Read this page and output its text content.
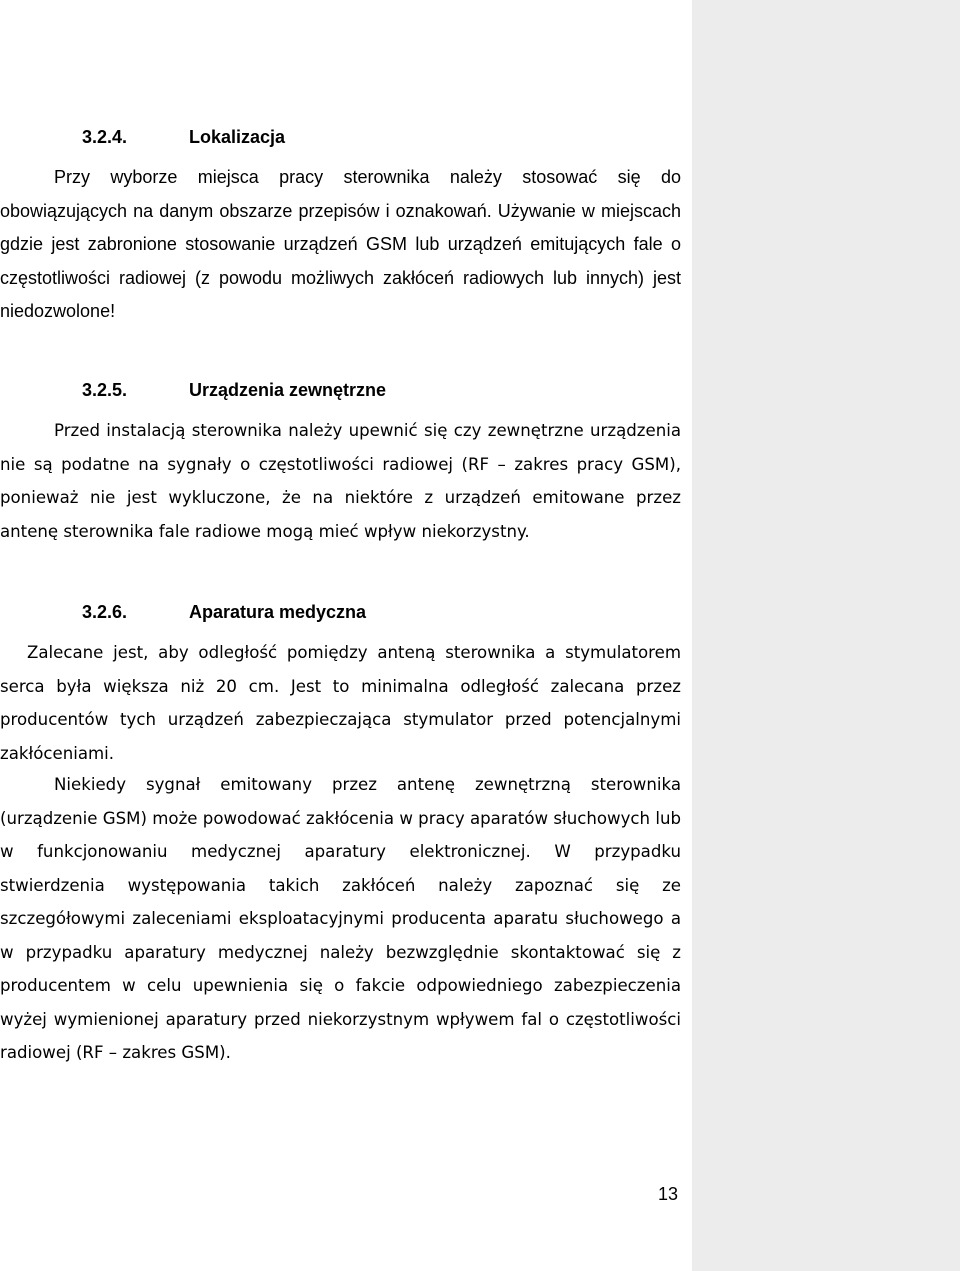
3.2.4.	Lokalizacja

Przy wyborze miejsca pracy sterownika należy stosować się do obowiązujących na danym obszarze przepisów i oznakowań. Używanie w miejscach gdzie jest zabronione stosowanie urządzeń GSM lub urządzeń emitujących fale o częstotliwości radiowej (z powodu możliwych zakłóceń radiowych lub innych) jest niedozwolone!

3.2.5.	Urządzenia zewnętrzne

Przed instalacją sterownika należy upewnić się czy zewnętrzne urządzenia nie są podatne na sygnały o częstotliwości radiowej (RF – zakres pracy GSM), ponieważ nie jest wykluczone, że na niektóre z urządzeń emitowane przez antenę sterownika fale radiowe mogą mieć wpływ niekorzystny.

3.2.6.	Aparatura medyczna

Zalecane jest, aby odległość pomiędzy anteną sterownika a stymulatorem serca była większa niż 20 cm. Jest to minimalna odległość zalecana przez producentów tych urządzeń zabezpieczająca stymulator przed potencjalnymi zakłóceniami.

Niekiedy sygnał emitowany przez antenę zewnętrzną sterownika (urządzenie GSM) może powodować zakłócenia w pracy aparatów słuchowych lub w funkcjonowaniu medycznej aparatury elektronicznej. W przypadku stwierdzenia występowania takich zakłóceń należy zapoznać się ze szczegółowymi zaleceniami eksploatacyjnymi producenta aparatu słuchowego a w przypadku aparatury medycznej należy bezwzględnie skontaktować się z producentem w celu upewnienia się o fakcie odpowiedniego zabezpieczenia wyżej wymienionej aparatury przed niekorzystnym wpływem fal o częstotliwości radiowej (RF – zakres GSM).

13
